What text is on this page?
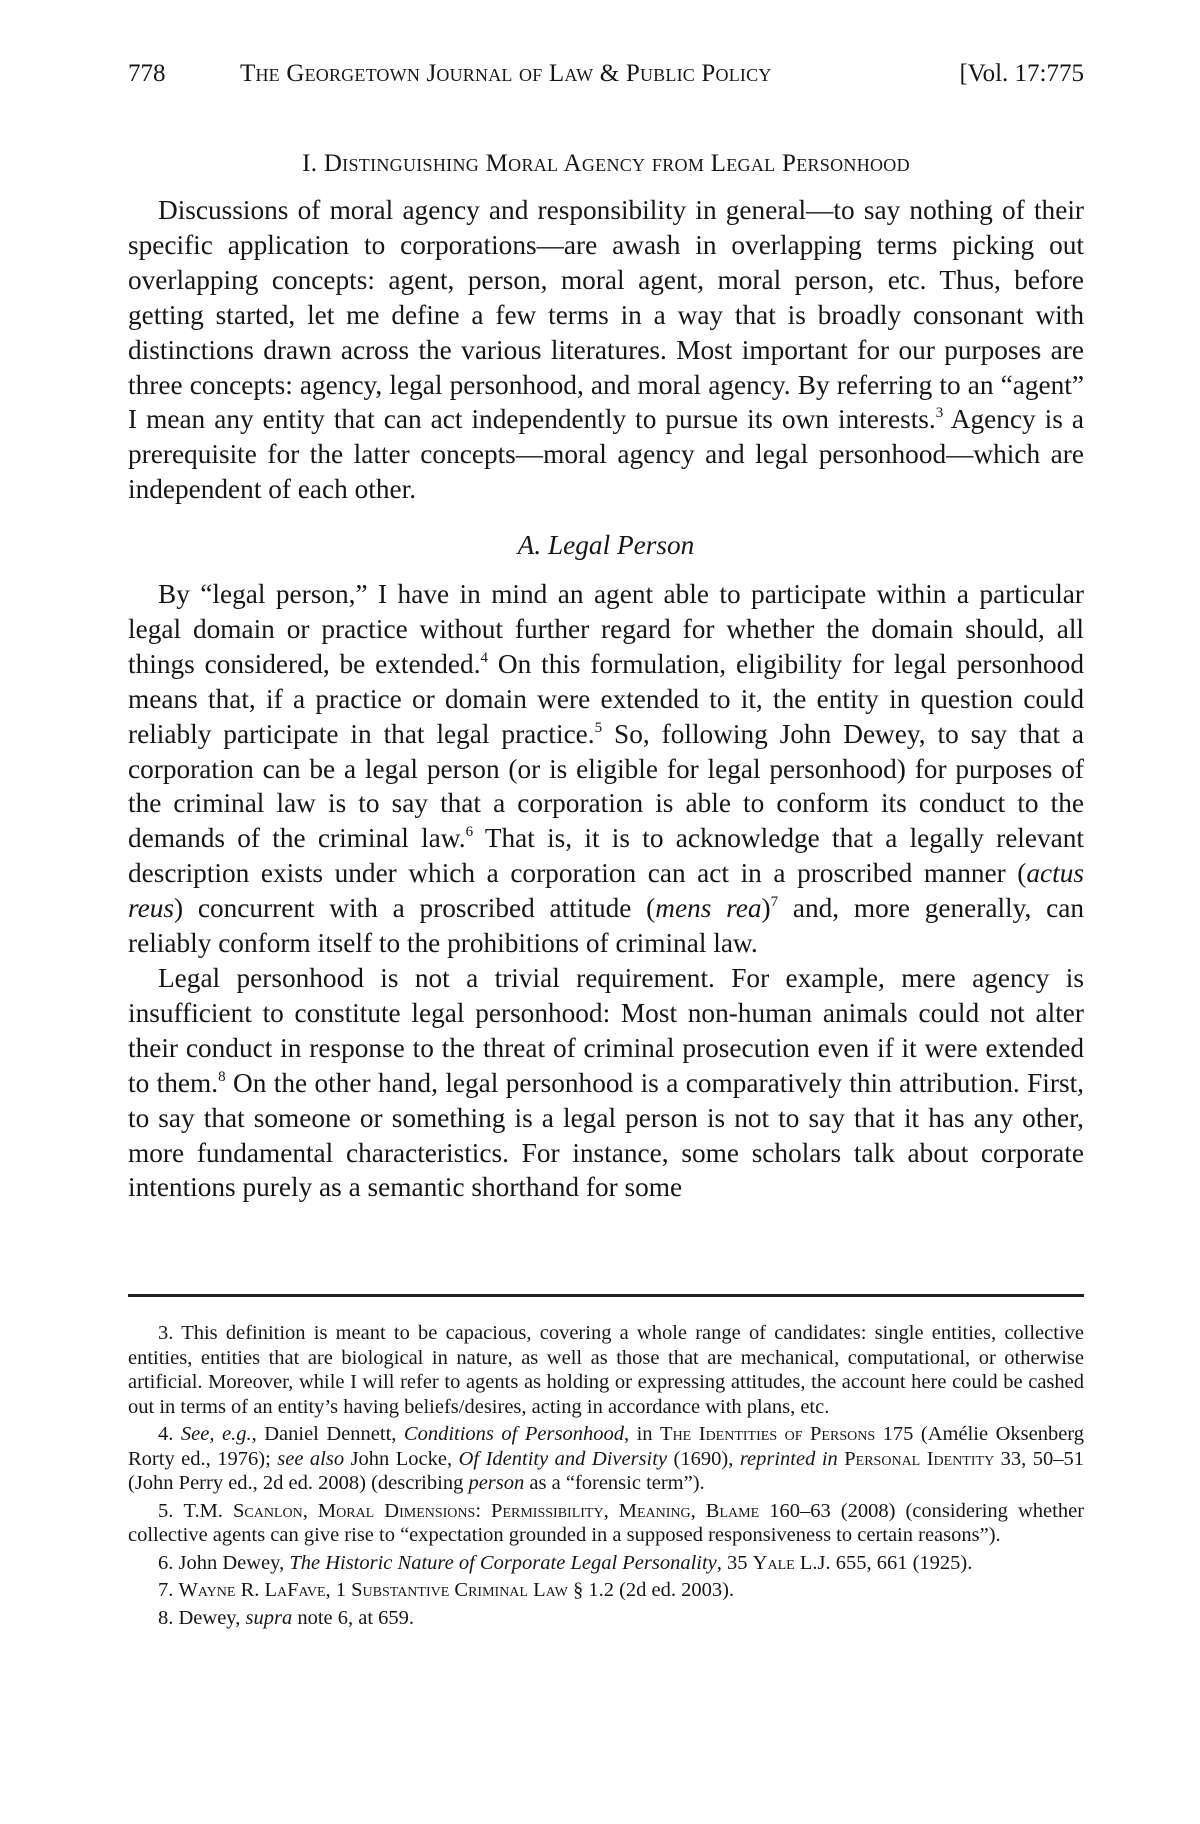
778	The Georgetown Journal of Law & Public Policy	[Vol. 17:775
I. Distinguishing Moral Agency from Legal Personhood

Discussions of moral agency and responsibility in general—to say nothing of their specific application to corporations—are awash in overlapping terms picking out overlapping concepts: agent, person, moral agent, moral person, etc. Thus, before getting started, let me define a few terms in a way that is broadly consonant with distinctions drawn across the various literatures. Most important for our purposes are three concepts: agency, legal personhood, and moral agency. By referring to an “agent” I mean any entity that can act independently to pursue its own interests.$^3$ Agency is a prerequisite for the latter concepts—moral agency and legal personhood—which are independent of each other.

A. Legal Person

By “legal person,” I have in mind an agent able to participate within a particular legal domain or practice without further regard for whether the domain should, all things considered, be extended.$^4$ On this formulation, eligibility for legal personhood means that, if a practice or domain were extended to it, the entity in question could reliably participate in that legal practice.$^5$ So, following John Dewey, to say that a corporation can be a legal person (or is eligible for legal personhood) for purposes of the criminal law is to say that a corporation is able to conform its conduct to the demands of the criminal law.$^6$ That is, it is to acknowledge that a legally relevant description exists under which a corporation can act in a proscribed manner (actus reus) concurrent with a proscribed attitude (mens rea)$^7$ and, more generally, can reliably conform itself to the prohibitions of criminal law.

Legal personhood is not a trivial requirement. For example, mere agency is insufficient to constitute legal personhood: Most non-human animals could not alter their conduct in response to the threat of criminal prosecution even if it were extended to them.$^8$ On the other hand, legal personhood is a comparatively thin attribution. First, to say that someone or something is a legal person is not to say that it has any other, more fundamental characteristics. For instance, some scholars talk about corporate intentions purely as a semantic shorthand for some

3. This definition is meant to be capacious, covering a whole range of candidates: single entities, collective entities, entities that are biological in nature, as well as those that are mechanical, computational, or otherwise artificial. Moreover, while I will refer to agents as holding or expressing attitudes, the account here could be cashed out in terms of an entity’s having beliefs/desires, acting in accordance with plans, etc.

4. See, e.g., Daniel Dennett, Conditions of Personhood, in The Identities of Persons 175 (Amélie Oksenberg Rorty ed., 1976); see also John Locke, Of Identity and Diversity (1690), reprinted in Personal Identity 33, 50–51 (John Perry ed., 2d ed. 2008) (describing person as a “forensic term”).

5. T.M. Scanlon, Moral Dimensions: Permissibility, Meaning, Blame 160–63 (2008) (considering whether collective agents can give rise to “expectation grounded in a supposed responsiveness to certain reasons”).

6. John Dewey, The Historic Nature of Corporate Legal Personality, 35 Yale L.J. 655, 661 (1925).

7. Wayne R. LaFave, 1 Substantive Criminal Law § 1.2 (2d ed. 2003).

8. Dewey, supra note 6, at 659.
